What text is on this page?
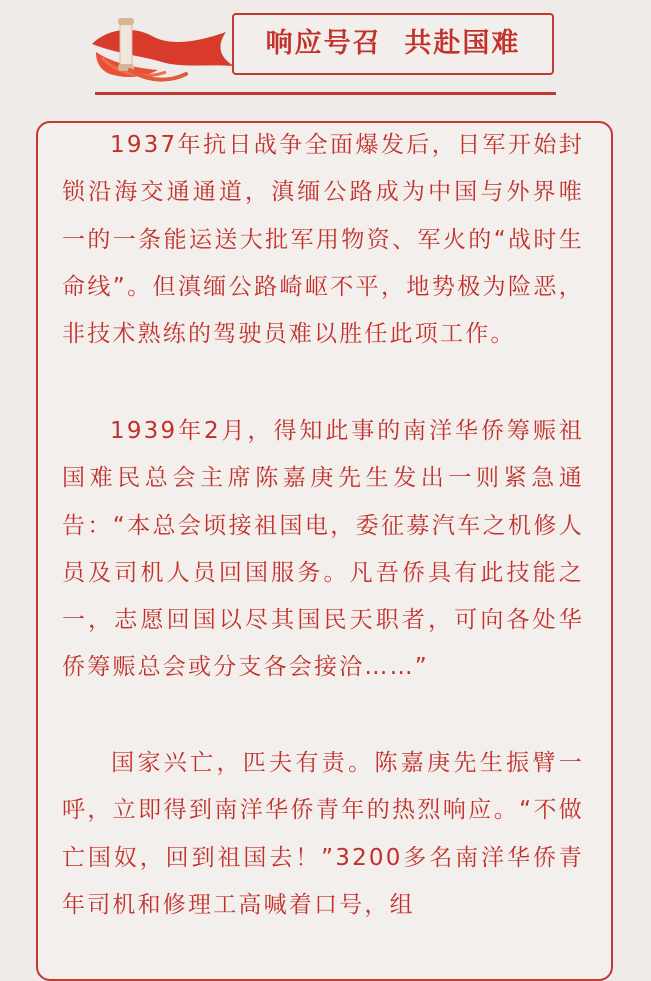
响应号召  共赴国难

1937年抗日战争全面爆发后，日军开始封锁沿海交通通道，滇缅公路成为中国与外界唯一的一条能运送大批军用物资、军火的“战时生命线”。但滇缅公路崎岖不平，地势极为险恶，非技术熟练的驾驶员难以胜任此项工作。

1939年2月，得知此事的南洋华侨筹赈祖国难民总会主席陈嘉庚先生发出一则紧急通告：“本总会顷接祖国电，委征募汽车之机修人员及司机人员回国服务。凡吾侨具有此技能之一，志愿回国以尽其国民天职者，可向各处华侨筹赈总会或分支各会接洽……”

国家兴亡，匹夫有责。陈嘉庚先生振臂一呼，立即得到南洋华侨青年的热烈响应。“不做亡国奴，回到祖国去！”3200多名南洋华侨青年司机和修理工高喊着口号，组
